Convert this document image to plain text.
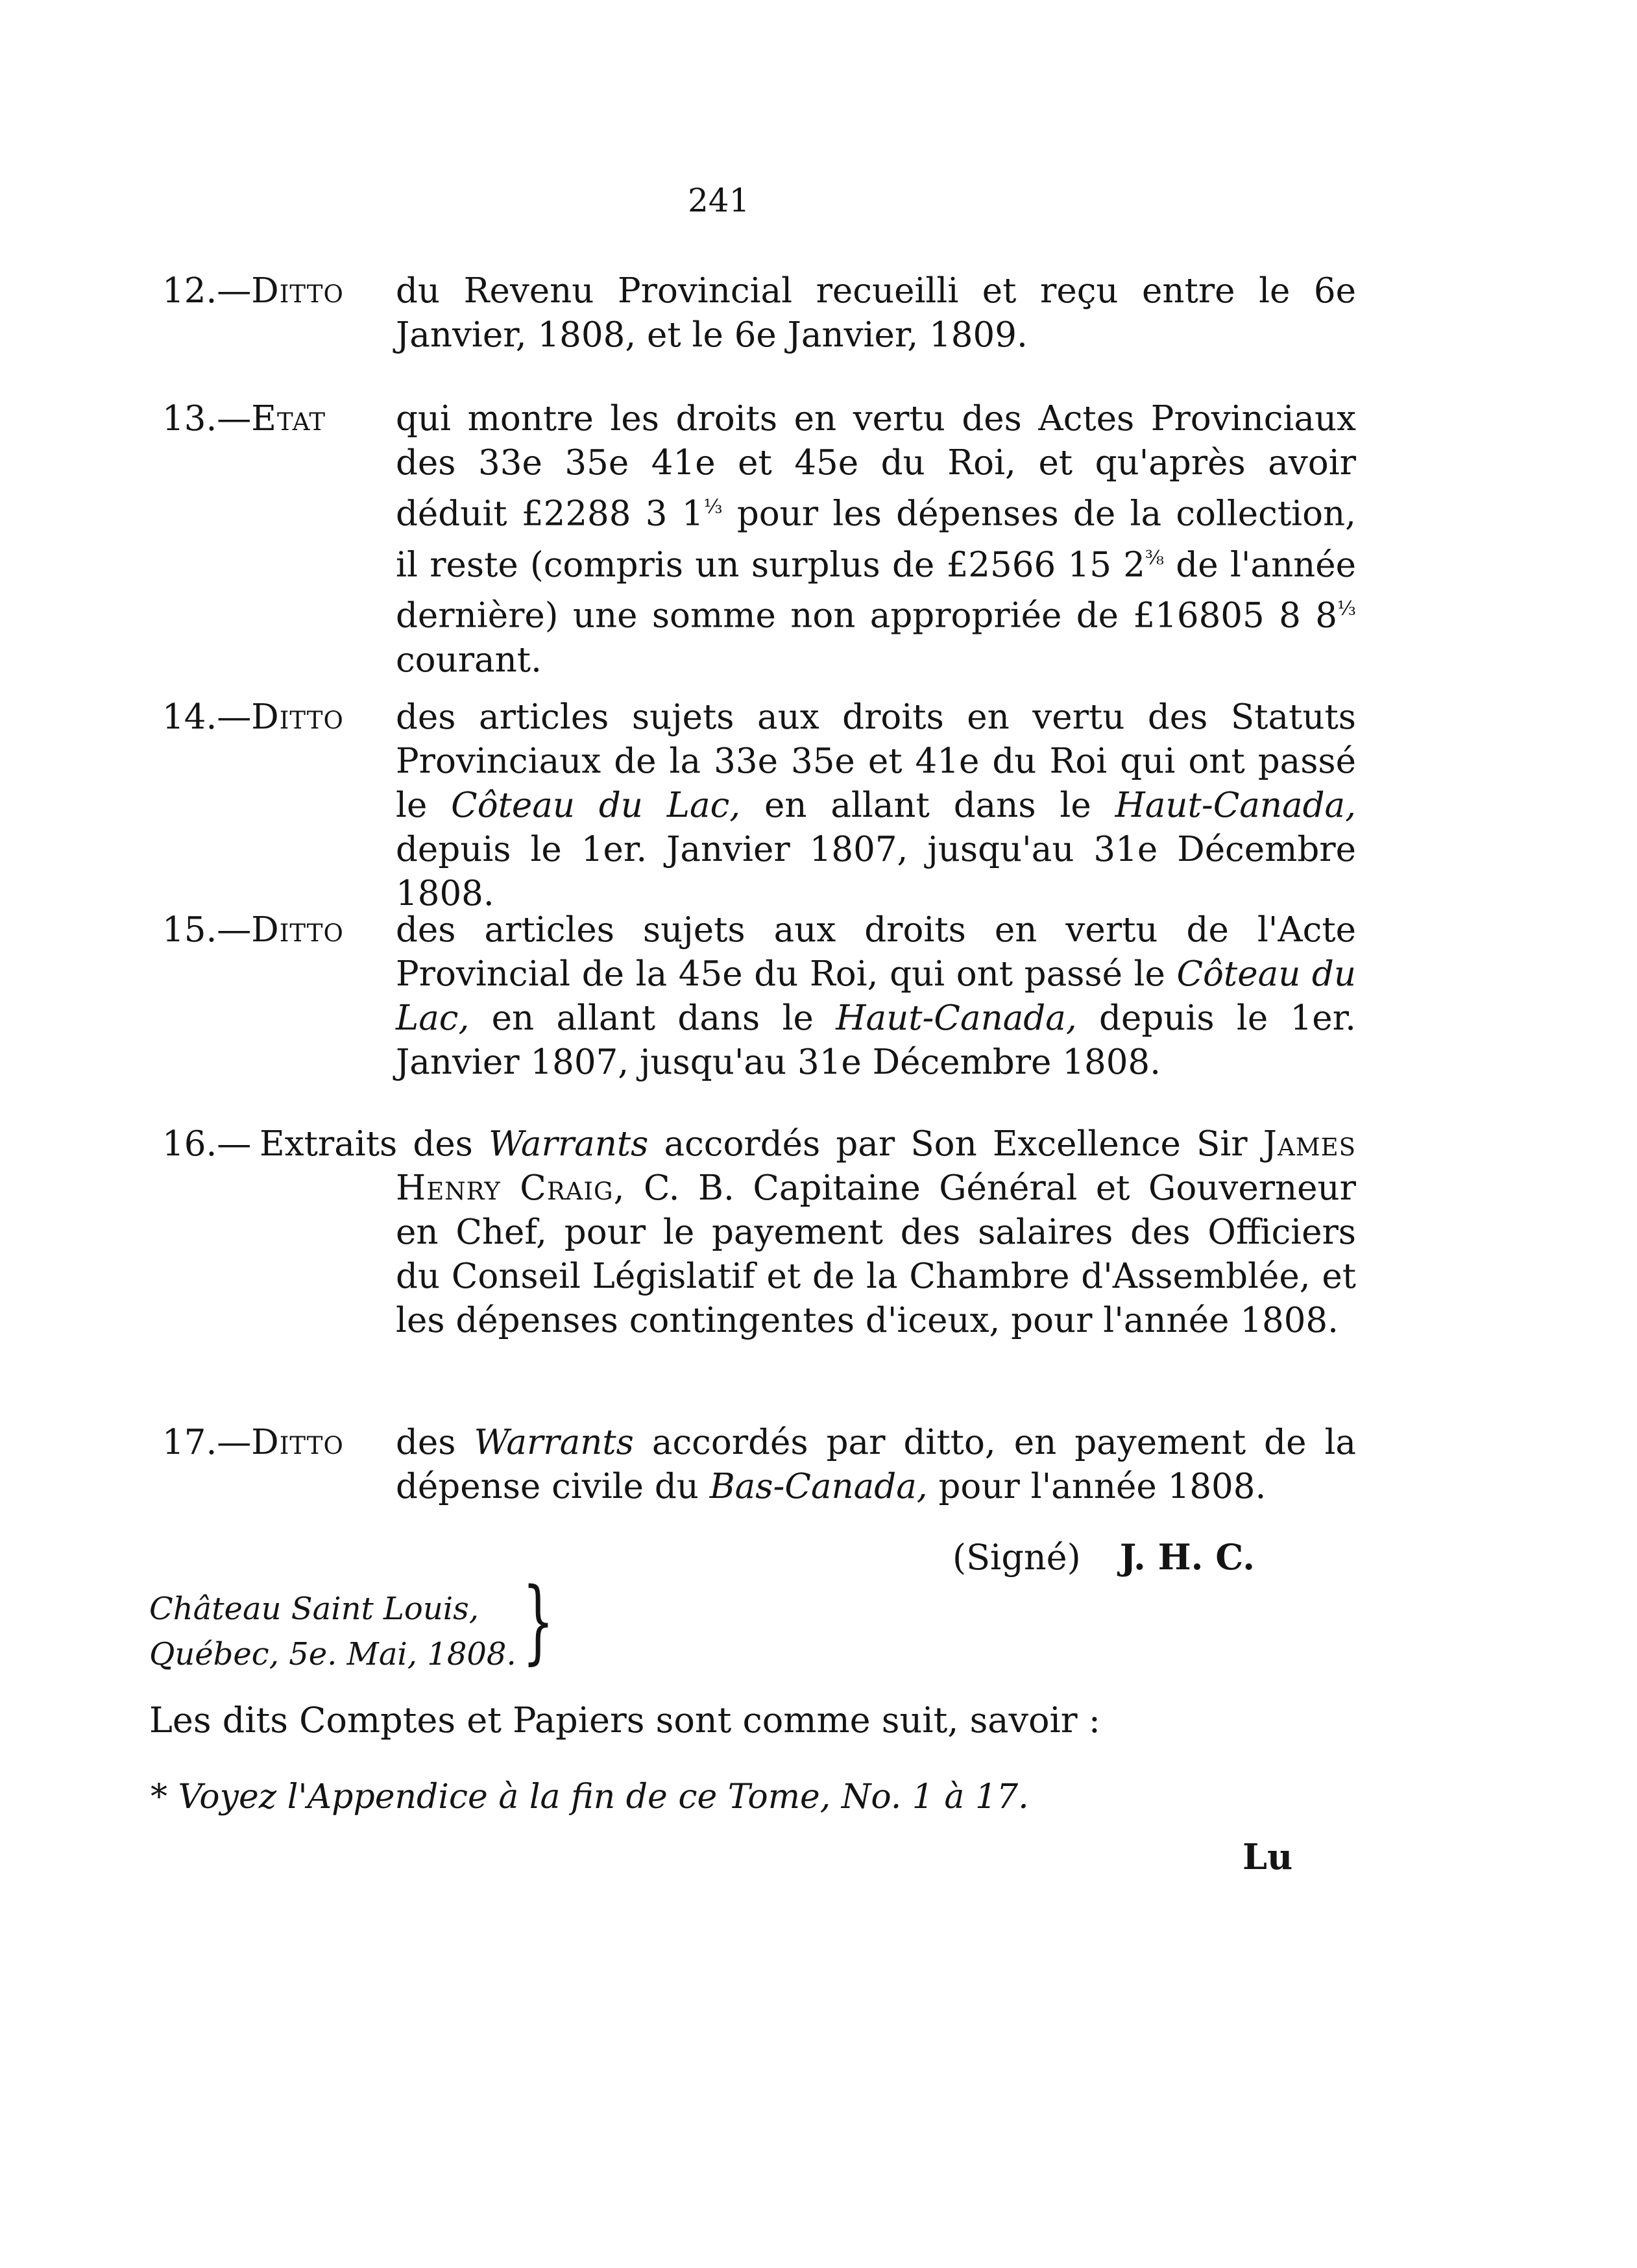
241
12.—Ditto du Revenu Provincial recueilli et reçu entre le 6e Janvier, 1808, et le 6e Janvier, 1809.
13.—Etat qui montre les droits en vertu des Actes Provinciaux des 33e 35e 41e et 45e du Roi, et qu'après avoir déduit £2288 3 $1^{\frac{1}{3}}$ pour les dépenses de la collection, il reste (compris un surplus de £2566 15 $2^{\frac{3}{8}}$ de l'année dernière) une somme non appropriée de £16805 8 $8^{\frac{1}{3}}$ courant.
14.—Ditto des articles sujets aux droits en vertu des Statuts Provinciaux de la 33e 35e et 41e du Roi qui ont passé le Côteau du Lac, en allant dans le Haut-Canada, depuis le 1er. Janvier 1807, jusqu'au 31e Décembre 1808.
15.—Ditto des articles sujets aux droits en vertu de l'Acte Provincial de la 45e du Roi, qui ont passé le Côteau du Lac, en allant dans le Haut-Canada, depuis le 1er. Janvier 1807, jusqu'au 31e Décembre 1808.
16.— Extraits des Warrants accordés par Son Excellence Sir James Henry Craig, C. B. Capitaine Général et Gouverneur en Chef, pour le payement des salaires des Officiers du Conseil Législatif et de la Chambre d'Assemblée, et les dépenses contingentes d'iceux, pour l'année 1808.
17.—Ditto des Warrants accordés par ditto, en payement de la dépense civile du Bas-Canada, pour l'année 1808.
(Signé) J. H. C.
Château Saint Louis,
Québec, 5e. Mai, 1808. }
Les dits Comptes et Papiers sont comme suit, savoir :
* Voyez l'Appendice à la fin de ce Tome, No. 1 à 17.
Lu
